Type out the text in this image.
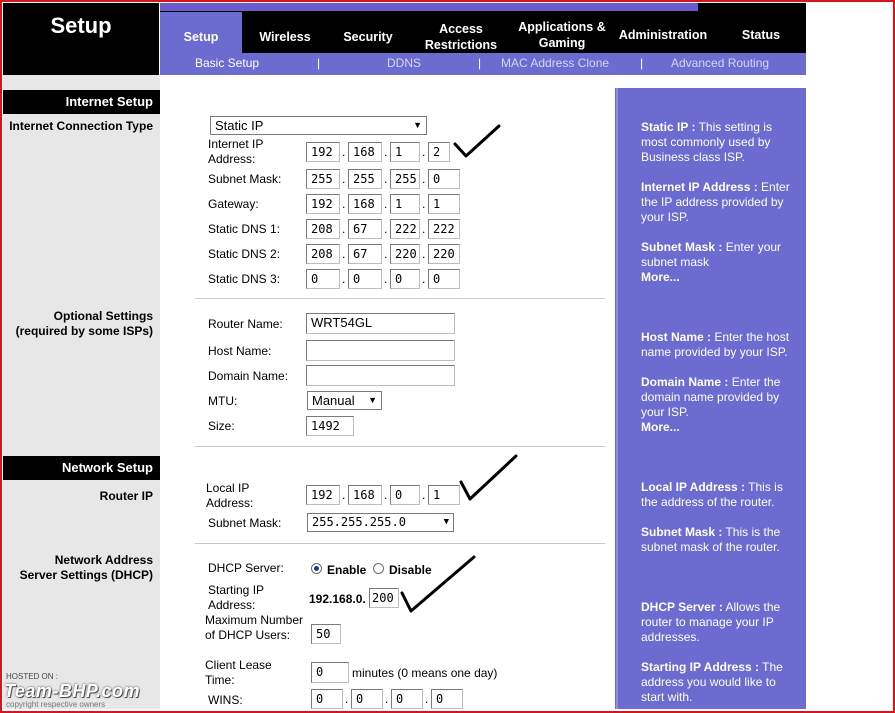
Setup	Setup	Wireless	Security
Access Restrictions
Applications & Gaming
Administration	Status
Basic Setup	|	DDNS	| MAC Address Clone	| Advanced Routing
Internet Setup
Internet Connection Type
Optional Settings
(required by some ISPs)
Network Setup
Router IP
Network Address
Server Settings (DHCP)
Static IP	▼
Internet IP Address:	192 . 168 . 1	. 2
Subnet Mask:	255 . 255 . 255 . 0
Gateway:	192 . 168 . 1	. 1
Static DNS 1:	208 . 67	. 222 . 222
Static DNS 2:	208 . 67	. 220 . 220
Static DNS 3:	0	. 0	. 0	. 0
Router Name:	WRT54GL
Host Name:
Domain Name:
MTU:	Manual ▼
Size:	1492
Local IP Address:
192 . 168 . 0	. 1
Subnet Mask:	255.255.255.0	▼
DHCP Server:	Enable Disable
Starting IP Address:	192.168.0. 200
Maximum Number of DHCP Users:	50
Client Lease Time:
0	minutes (0 means one day)
WINS:	0	. 0	. 0	. 0
Static IP : This setting is most commonly used by Business class ISP.
Internet IP Address : Enter the IP address provided by your ISP.
Subnet Mask : Enter your subnet mask
More...
Host Name : Enter the host name provided by your ISP.
Domain Name : Enter the domain name provided by your ISP.
More...
Local IP Address : This is the address of the router.
Subnet Mask : This is the subnet mask of the router.
DHCP Server : Allows the router to manage your IP addresses.
Starting IP Address : The address you would like to start with.
HOSTED ON :
Team-BHP.com
copyright respective owners
